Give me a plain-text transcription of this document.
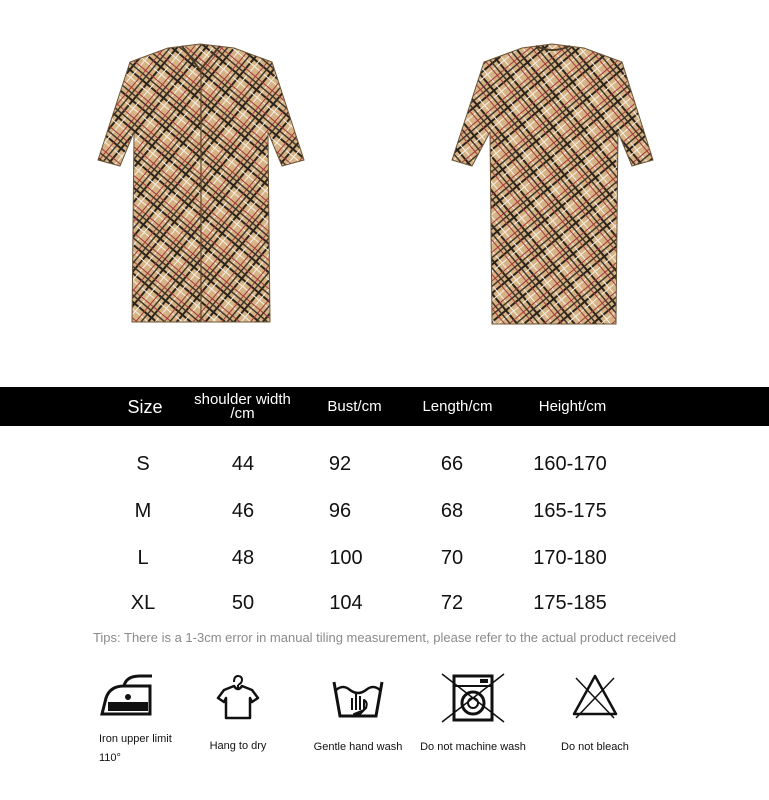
Size	shoulder width /cm	Bust/cm	Length/cm	Height/cm
S	44	92	66	160-170
M	46	96	68	165-175
L	48	100	70	170-180
XL	50	104	72	175-185
Tips: There is a 1-3cm error in manual tiling measurement, please refer to the actual product received
Iron upper limit 110°
Hang to dry	Gentle hand wash	Do not machine wash	Do not bleach
